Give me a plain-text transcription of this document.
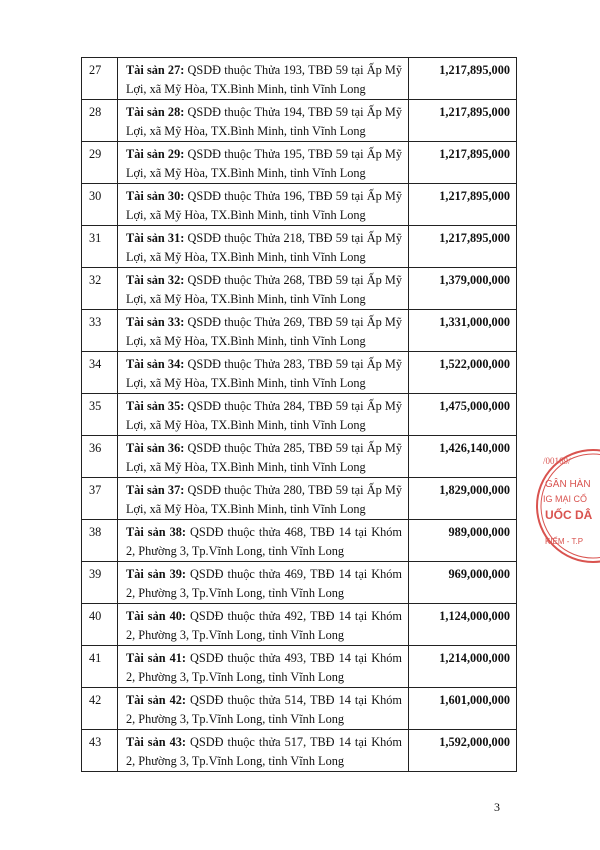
27	Tài sản 27: QSDĐ thuộc Thửa 193, TBĐ 59 tại Ấp Mỹ Lợi, xã Mỹ Hòa, TX.Bình Minh, tỉnh Vĩnh Long	1,217,895,000
28	Tài sản 28: QSDĐ thuộc Thửa 194, TBĐ 59 tại Ấp Mỹ Lợi, xã Mỹ Hòa, TX.Bình Minh, tỉnh Vĩnh Long	1,217,895,000
29	Tài sản 29: QSDĐ thuộc Thửa 195, TBĐ 59 tại Ấp Mỹ Lợi, xã Mỹ Hòa, TX.Bình Minh, tỉnh Vĩnh Long	1,217,895,000
30	Tài sản 30: QSDĐ thuộc Thửa 196, TBĐ 59 tại Ấp Mỹ Lợi, xã Mỹ Hòa, TX.Bình Minh, tỉnh Vĩnh Long	1,217,895,000
31	Tài sản 31: QSDĐ thuộc Thửa 218, TBĐ 59 tại Ấp Mỹ Lợi, xã Mỹ Hòa, TX.Bình Minh, tỉnh Vĩnh Long	1,217,895,000
32	Tài sản 32: QSDĐ thuộc Thửa 268, TBĐ 59 tại Ấp Mỹ Lợi, xã Mỹ Hòa, TX.Bình Minh, tỉnh Vĩnh Long	1,379,000,000
33	Tài sản 33: QSDĐ thuộc Thửa 269, TBĐ 59 tại Ấp Mỹ Lợi, xã Mỹ Hòa, TX.Bình Minh, tỉnh Vĩnh Long	1,331,000,000
34	Tài sản 34: QSDĐ thuộc Thửa 283, TBĐ 59 tại Ấp Mỹ Lợi, xã Mỹ Hòa, TX.Bình Minh, tỉnh Vĩnh Long	1,522,000,000
35	Tài sản 35: QSDĐ thuộc Thửa 284, TBĐ 59 tại Ấp Mỹ Lợi, xã Mỹ Hòa, TX.Bình Minh, tỉnh Vĩnh Long	1,475,000,000
36	Tài sản 36: QSDĐ thuộc Thửa 285, TBĐ 59 tại Ấp Mỹ Lợi, xã Mỹ Hòa, TX.Bình Minh, tỉnh Vĩnh Long	1,426,140,000
37	Tài sản 37: QSDĐ thuộc Thửa 280, TBĐ 59 tại Ấp Mỹ Lợi, xã Mỹ Hòa, TX.Bình Minh, tỉnh Vĩnh Long	1,829,000,000
38	Tài sản 38: QSDĐ thuộc thửa 468, TBĐ 14 tại Khóm 2, Phường 3, Tp.Vĩnh Long, tỉnh Vĩnh Long	989,000,000
39	Tài sản 39: QSDĐ thuộc thửa 469, TBĐ 14 tại Khóm 2, Phường 3, Tp.Vĩnh Long, tỉnh Vĩnh Long	969,000,000
40	Tài sản 40: QSDĐ thuộc thửa 492, TBĐ 14 tại Khóm 2, Phường 3, Tp.Vĩnh Long, tỉnh Vĩnh Long	1,124,000,000
41	Tài sản 41: QSDĐ thuộc thửa 493, TBĐ 14 tại Khóm 2, Phường 3, Tp.Vĩnh Long, tỉnh Vĩnh Long	1,214,000,000
42	Tài sản 42: QSDĐ thuộc thửa 514, TBĐ 14 tại Khóm 2, Phường 3, Tp.Vĩnh Long, tỉnh Vĩnh Long	1,601,000,000
43	Tài sản 43: QSDĐ thuộc thửa 517, TBĐ 14 tại Khóm 2, Phường 3, Tp.Vĩnh Long, tỉnh Vĩnh Long	1,592,000,000
/00169/
GÂN HÀN
IG MẠI CỔ
UỐC DÂ
KIẾM - T.P
3
